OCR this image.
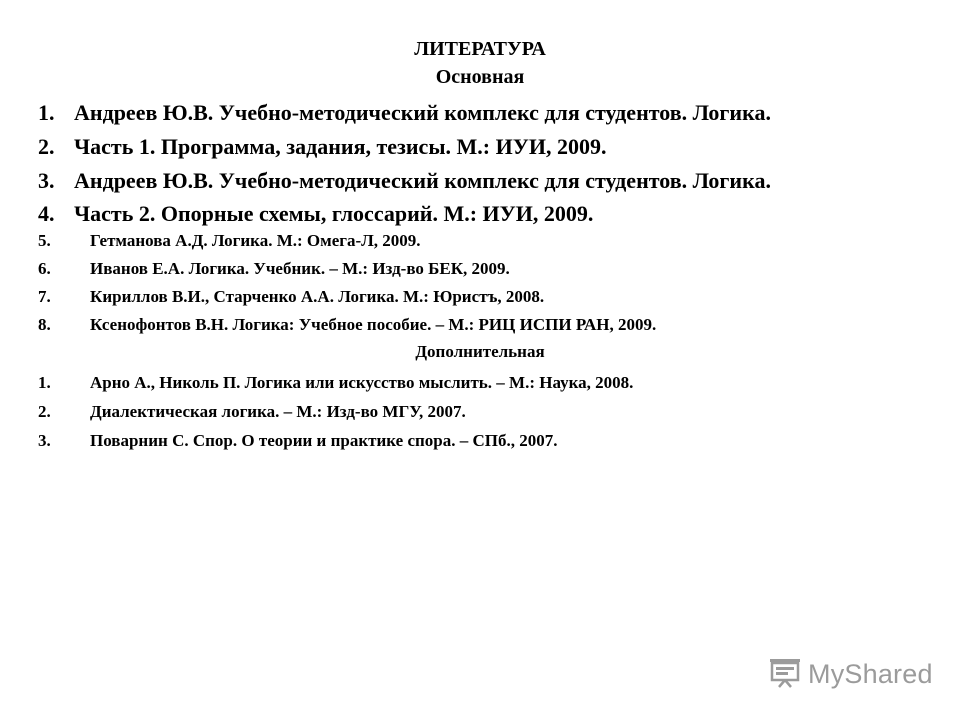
ЛИТЕРАТУРА
Основная
1. Андреев Ю.В. Учебно-методический комплекс для студентов. Логика.
2. Часть 1. Программа, задания, тезисы. М.: ИУИ, 2009.
3. Андреев Ю.В. Учебно-методический комплекс для студентов. Логика.
4. Часть 2. Опорные схемы, глоссарий. М.: ИУИ, 2009.
5. Гетманова А.Д. Логика. М.: Омега-Л, 2009.
6. Иванов Е.А. Логика. Учебник. – М.: Изд-во БЕК, 2009.
7. Кириллов В.И., Старченко А.А. Логика. М.: Юристъ, 2008.
8. Ксенофонтов В.Н. Логика: Учебное пособие. – М.: РИЦ ИСПИ РАН, 2009.
Дополнительная
1. Арно А., Николь П. Логика или искусство мыслить. – М.: Наука, 2008.
2. Диалектическая логика. – М.: Изд-во МГУ, 2007.
3. Поварнин С. Спор. О теории и практике спора. – СПб., 2007.
MyShared
